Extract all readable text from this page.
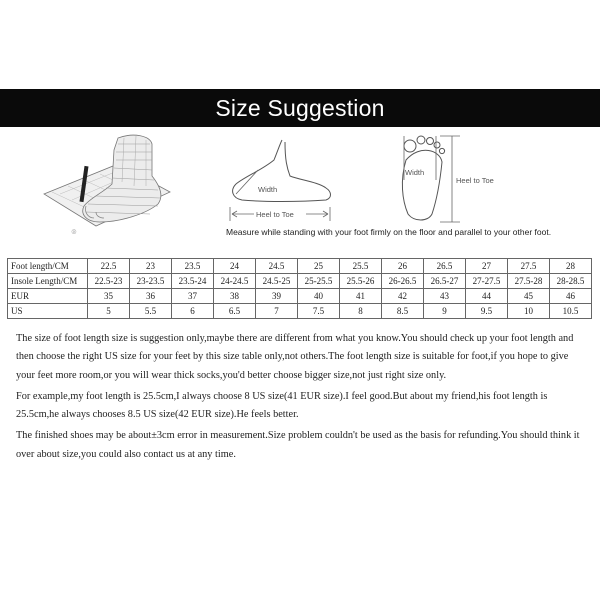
Size Suggestion
◎
Width
Heel to Toe
Width
Heel to Toe
Measure while standing with your foot firmly on the floor and parallel to your other foot.
Foot length/CM	22.5	23	23.5	24	24.5	25	25.5	26	26.5	27	27.5	28
Insole Length/CM	22.5-23	23-23.5	23.5-24	24-24.5	24.5-25	25-25.5	25.5-26	26-26.5	26.5-27	27-27.5	27.5-28	28-28.5
EUR	35	36	37	38	39	40	41	42	43	44	45	46
US	5	5.5	6	6.5	7	7.5	8	8.5	9	9.5	10	10.5

The size of foot length size is suggestion only,maybe there are different from what you know.You should check up your foot length and then choose the right US size for your feet by this size table only,not others.The foot length size is suitable for foot,if you hope to give your feet more room,or you will wear thick socks,you'd better choose bigger size,not just right size only.

For example,my foot length is 25.5cm,I always choose 8 US size(41 EUR size).I feel good.But about my friend,his foot length is 25.5cm,he always chooses 8.5 US size(42 EUR size).He feels better.

The finished shoes may be about±3cm error in measurement.Size problem couldn't be used as the basis for refunding.You should think it over about size,you could also contact us at any time.
